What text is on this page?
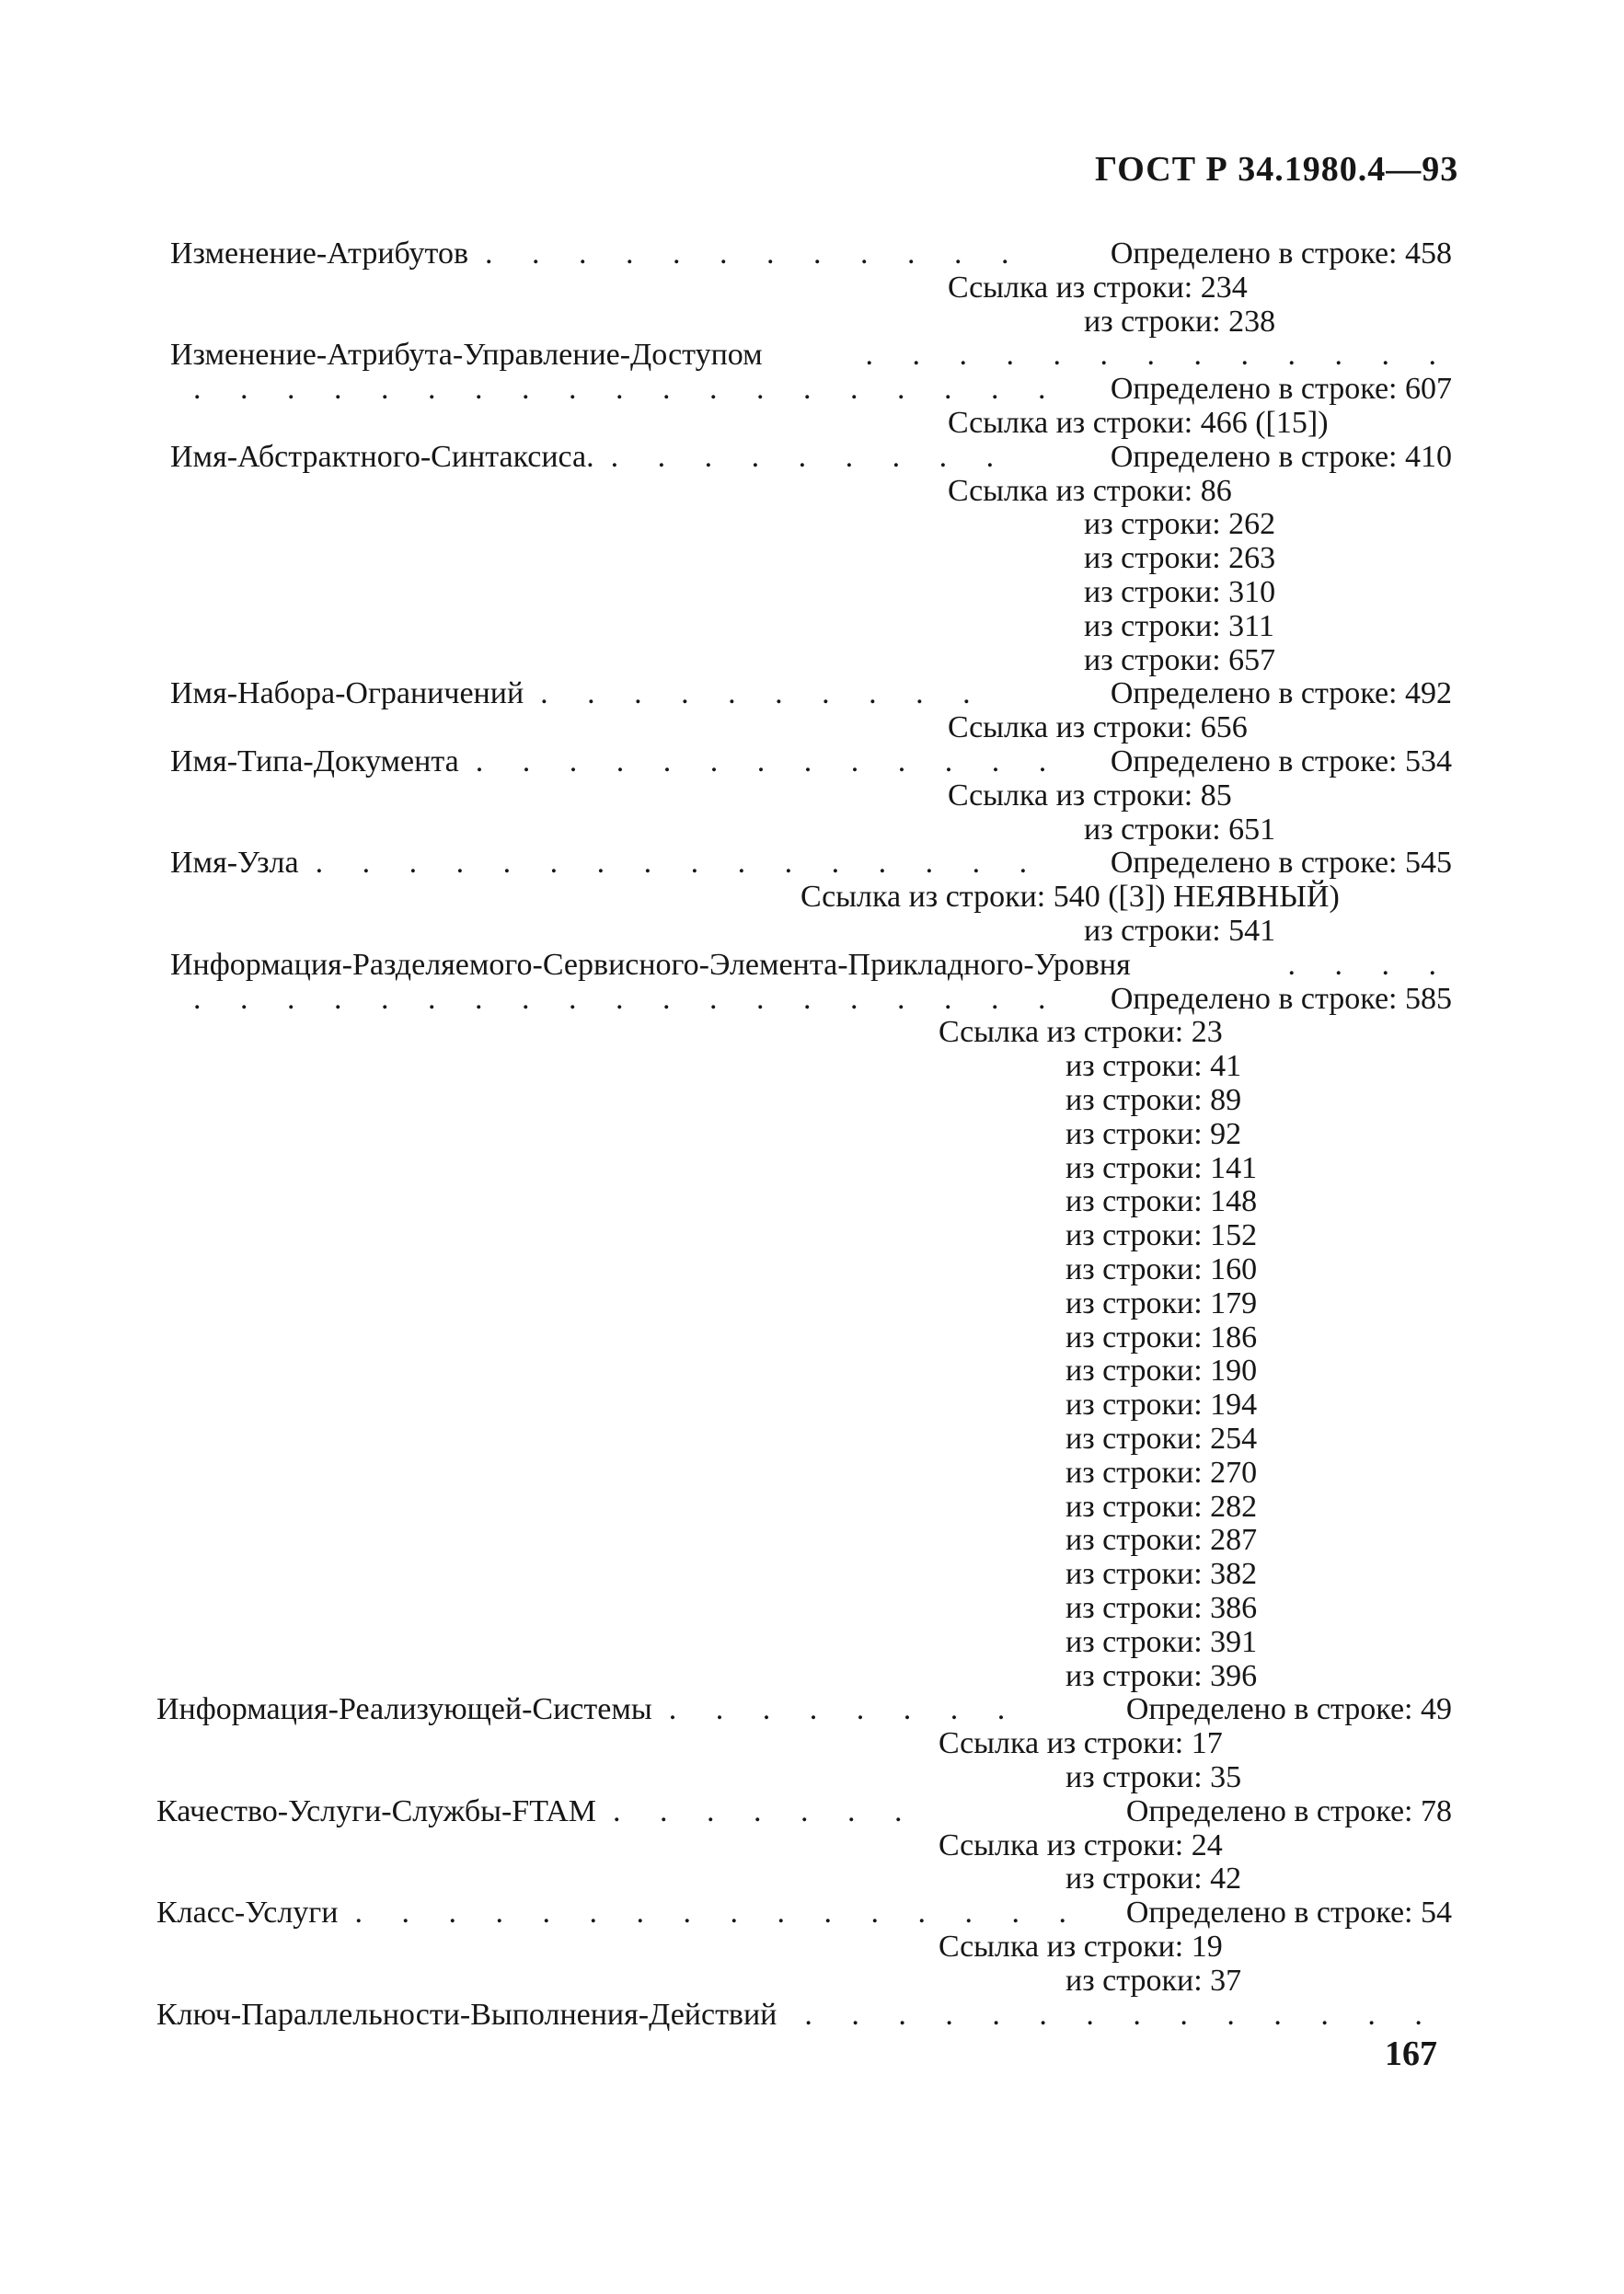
ГОСТ Р 34.1980.4—93
Изменение-Атрибутов . . . . . . . . . . . .	Определено в строке: 458
Ссылка из строки: 234
из строки: 238
Изменение-Атрибута-Управление-Доступом	. . . . . . . . . . . . .
. . . . . . . . . . . . . . . . . . . Определено в строке: 607
Ссылка из строки: 466 ([15])
Имя-Абстрактного-Синтаксиса. . . . . . . . . .	Определено в строке: 410
Ссылка из строки: 86
из строки: 262
из строки: 263
из строки: 310
из строки: 311
из строки: 657
Имя-Набора-Ограничений . . . . . . . . . .	Определено в строке: 492
Ссылка из строки: 656
Имя-Типа-Документа . . . . . . . . . . . . . Определено в строке: 534
Ссылка из строки: 85
из строки: 651
Имя-Узла . . . . . . . . . . . . . . . . Определено в строке: 545
Ссылка из строки: 540 ([3]) НЕЯВНЫЙ)
из строки: 541
Информация-Разделяемого-Сервисного-Элемента-Прикладного-Уровня	. . . .
. . . . . . . . . . . . . . . . . . . Определено в строке: 585
Ссылка из строки: 23
из строки: 41
из строки: 89
из строки: 92
из строки: 141
из строки: 148
из строки: 152
из строки: 160
из строки: 179
из строки: 186
из строки: 190
из строки: 194
из строки: 254
из строки: 270
из строки: 282
из строки: 287
из строки: 382
из строки: 386
из строки: 391
из строки: 396
Информация-Реализующей-Системы . . . . . . . .	Определено в строке: 49
Ссылка из строки: 17
из строки: 35
Качество-Услуги-Службы-FTAM . . . . . . .	Определено в строке: 78
Ссылка из строки: 24
из строки: 42
Класс-Услуги . . . . . . . . . . . . . . . . Определено в строке: 54
Ссылка из строки: 19
из строки: 37
Ключ-Параллельности-Выполнения-Действий . . . . . . . . . . . . . .
167
